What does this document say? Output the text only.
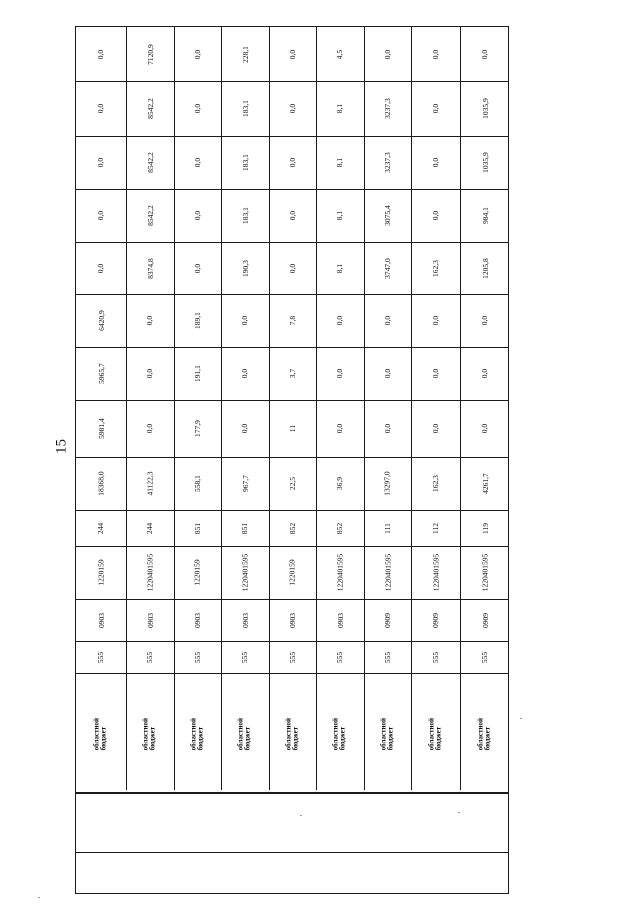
15
0,0
0,0
0,0
0,0
0,0
6420,9
5965,7
5981,4
18368,0
244
1220159
0903
555
областной бюджет
7120,9
8542,2
8542,2
8542,2
8374,8
0,0
0,0
0,0
41122,3
244
1220401595
0903
555
областной бюджет
0,0
0,0
0,0
0,0
0,0
189,1
191,1
177,9
558,1
851
1220159
0903
555
областной бюджет
228,1
183,1
183,1
183,1
190,3
0,0
0,0
0,0
967,7
851
1220401595
0903
555
областной бюджет
0,0
0,0
0,0
0,0
0,0
7,8
3,7
11
22,5
852
1220159
0903
555
областной бюджет
4,5
8,1
8,1
8,1
8,1
0,0
0,0
0,0
36,9
852
1220401595
0903
555
областной бюджет
0,0
3237,3
3237,3
3075,4
3747,0
0,0
0,0
0,0
13297,0
111
1220401595
0909
555
областной бюджет
0,0
0,0
0,0
0,0
162,3
0,0
0,0
0,0
162,3
112
1220401595
0909
555
областной бюджет
0,0
1035,9
1035,9
984,1
1205,8
0,0
0,0
0,0
4261,7
119
1220401595
0909
555
областной бюджет
